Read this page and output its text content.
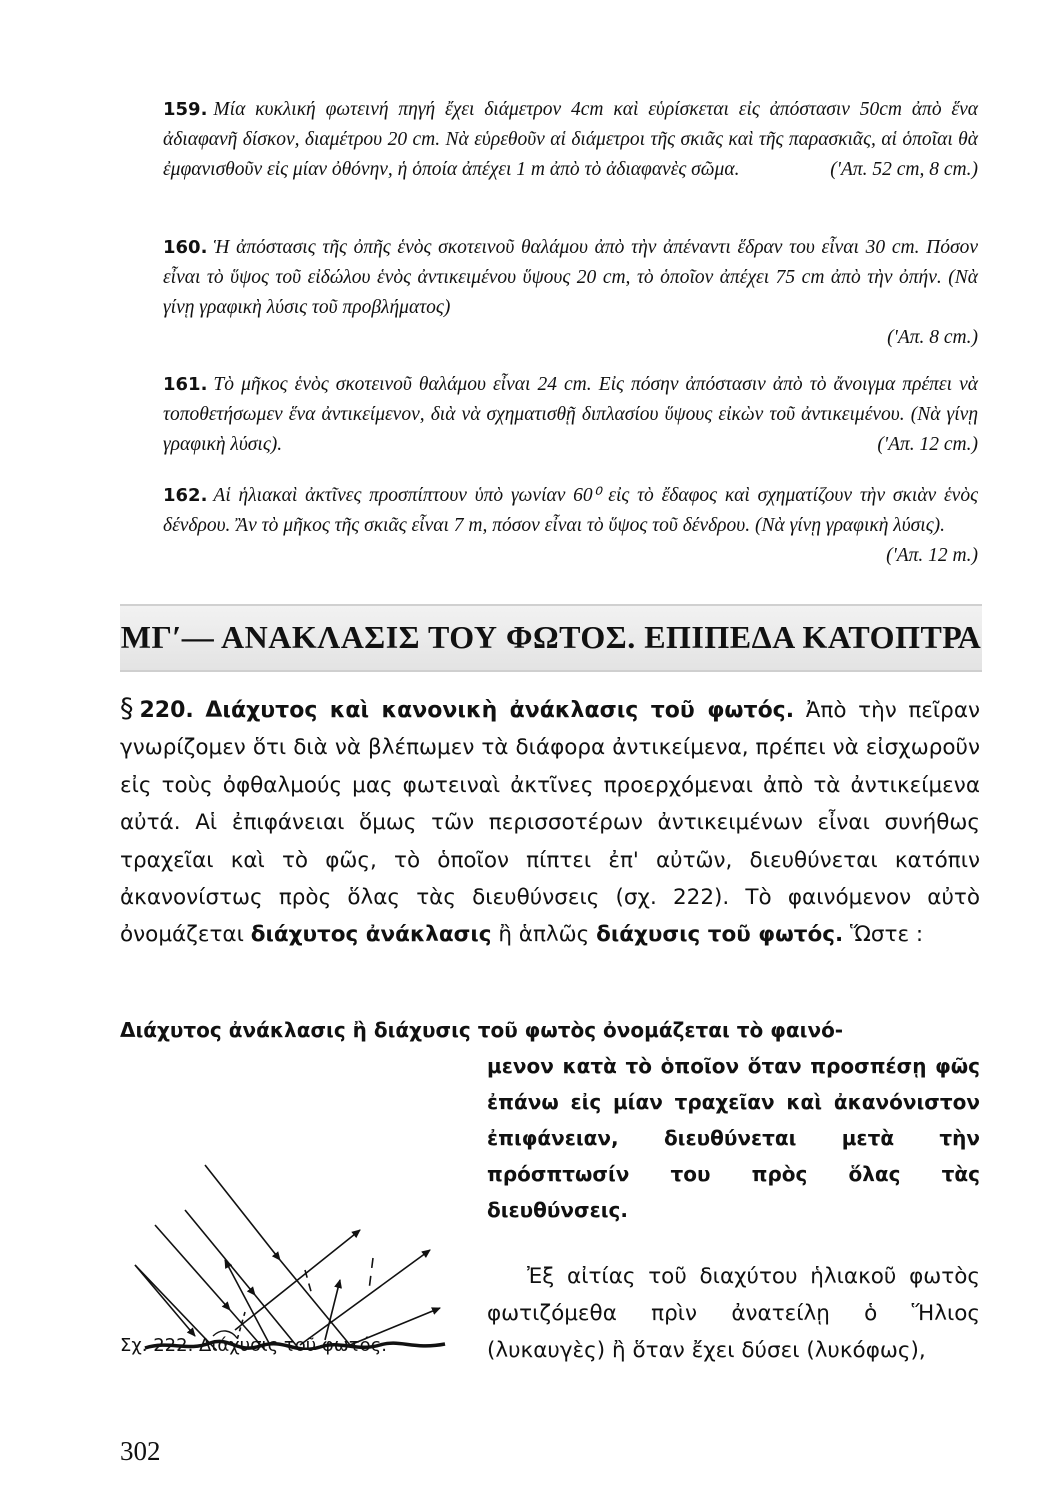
159. Μία κυκλική φωτεινή πηγή ἔχει διάμετρον 4cm καὶ εὑρίσκεται εἰς ἀπόστασιν 50cm ἀπὸ ἕνα ἀδιαφανῆ δίσκον, διαμέτρου 20 cm. Νὰ εὑρεθοῦν αἱ διάμετροι τῆς σκιᾶς καὶ τῆς παρασκιᾶς, αἱ ὁποῖαι θὰ ἐμφανισθοῦν εἰς μίαν ὀθόνην, ἡ ὁποία ἀπέχει 1 m ἀπὸ τὸ ἀδιαφανὲς σῶμα.	('Απ. 52 cm, 8 cm.)
160. Ἡ ἀπόστασις τῆς ὀπῆς ἑνὸς σκοτεινοῦ θαλάμου ἀπὸ τὴν ἀπέναντι ἕδραν του εἶναι 30 cm. Πόσον εἶναι τὸ ὕψος τοῦ εἰδώλου ἑνὸς ἀντικειμένου ὕψους 20 cm, τὸ ὁποῖον ἀπέχει 75 cm ἀπὸ τὴν ὀπήν. (Νὰ γίνῃ γραφικὴ λύσις τοῦ προβλήματος)
('Απ. 8 cm.)
161. Τὸ μῆκος ἑνὸς σκοτεινοῦ θαλάμου εἶναι 24 cm. Εἰς πόσην ἀπόστασιν ἀπὸ τὸ ἄνοιγμα πρέπει νὰ τοποθετήσωμεν ἕνα ἀντικείμενον, διὰ νὰ σχηματισθῇ διπλασίου ὕψους εἰκὼν τοῦ ἀντικειμένου. (Νὰ γίνῃ γραφικὴ λύσις).	('Απ. 12 cm.)
162. Αἱ ἡλιακαὶ ἀκτῖνες προσπίπτουν ὑπὸ γωνίαν 60⁰ εἰς τὸ ἔδαφος καὶ σχηματίζουν τὴν σκιὰν ἑνὸς δένδρου. Ἂν τὸ μῆκος τῆς σκιᾶς εἶναι 7 m, πόσον εἶναι τὸ ὕψος τοῦ δένδρου. (Νὰ γίνῃ γραφικὴ λύσις).
('Απ. 12 m.)
ΜΓ′— ΑΝΑΚΛΑΣΙΣ ΤΟΥ ΦΩΤΟΣ. ΕΠΙΠΕΔΑ ΚΑΤΟΠΤΡΑ
§ 220. Διάχυτος καὶ κανονικὴ ἀνάκλασις τοῦ φωτός. Ἀπὸ τὴν πεῖραν γνωρίζομεν ὅτι διὰ νὰ βλέπωμεν τὰ διάφορα ἀντικείμενα, πρέπει νὰ εἰσχωροῦν εἰς τοὺς ὀφθαλμούς μας φωτειναὶ ἀκτῖνες προερχόμεναι ἀπὸ τὰ ἀντικείμενα αὐτά. Αἱ ἐπιφάνειαι ὅμως τῶν περισσοτέρων ἀντικειμένων εἶναι συνήθως τραχεῖαι καὶ τὸ φῶς, τὸ ὁποῖον πίπτει ἐπ' αὐτῶν, διευθύνεται κατόπιν ἀκανονίστως πρὸς ὅλας τὰς διευθύνσεις (σχ. 222). Τὸ φαινόμενον αὐτὸ ὀνομάζεται διάχυτος ἀνάκλασις ἢ ἁπλῶς διάχυσις τοῦ φωτός. Ὥστε :
Διάχυτος ἀνάκλασις ἢ διάχυσις τοῦ φωτὸς ὀνομάζεται τὸ φαινό-
μενον κατὰ τὸ ὁποῖον ὅταν προσπέσῃ φῶς ἐπάνω εἰς μίαν τραχεῖαν καὶ ἀκανόνιστον ἐπιφάνειαν, διευθύνεται μετὰ τὴν πρόσπτωσίν του πρὸς ὅλας τὰς διευθύνσεις.
Σχ. 222. Διάχυσις τοῦ φωτός.
Ἐξ αἰτίας τοῦ διαχύτου ἡλιακοῦ φωτὸς φωτιζόμεθα πρὶν ἀνατείλῃ ὁ Ἥλιος (λυκαυγὲς) ἢ ὅταν ἔχει δύσει (λυκόφως),
302
